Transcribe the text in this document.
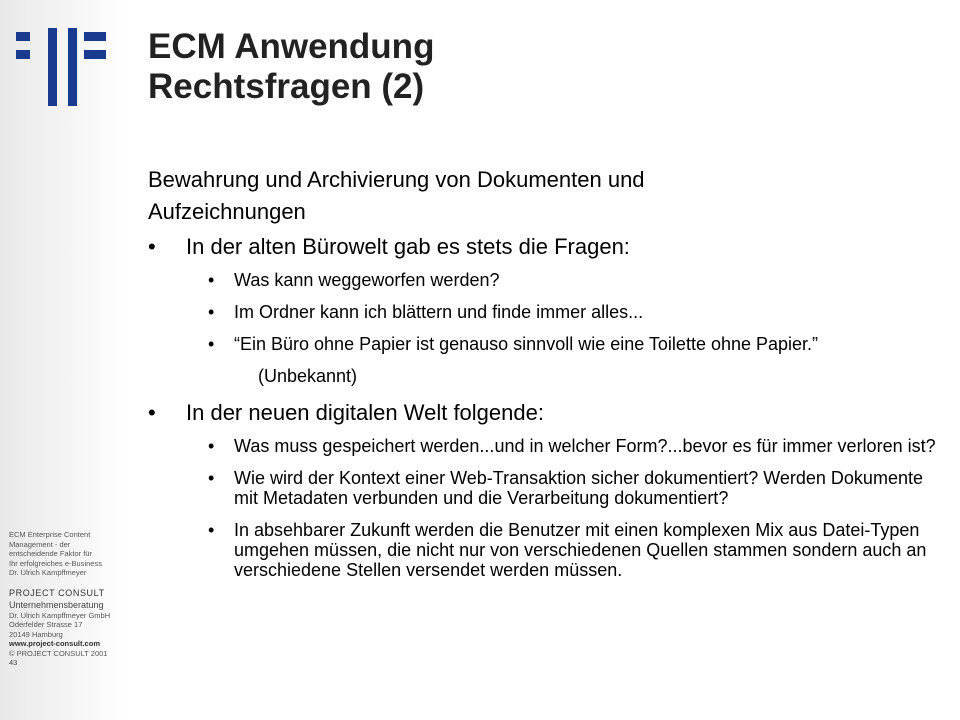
ECM Enterprise Content
Management - der
entscheidende Faktor für
Ihr erfolgreiches e-Business
Dr. Ulrich Kampffmeyer
PROJECT CONSULT
Unternehmensberatung
Dr. Ulrich Kampffmeyer GmbH
Oderfelder Strasse 17
20149 Hamburg
www.project-consult.com
© PROJECT CONSULT 2001
43
ECM Anwendung
Rechtsfragen (2)
Bewahrung und Archivierung von Dokumenten und
Aufzeichnungen
• In der alten Bürowelt gab es stets die Fragen:
• Was kann weggeworfen werden?
• Im Ordner kann ich blättern und finde immer alles...
• “Ein Büro ohne Papier ist genauso sinnvoll wie eine Toilette ohne Papier.”
(Unbekannt)
• In der neuen digitalen Welt folgende:
• Was muss gespeichert werden...und in welcher Form?...bevor es für immer verloren ist?
• Wie wird der Kontext einer Web-Transaktion sicher dokumentiert? Werden Dokumente mit Metadaten verbunden und die Verarbeitung dokumentiert?
• In absehbarer Zukunft werden die Benutzer mit einen komplexen Mix aus Datei-Typen umgehen müssen, die nicht nur von verschiedenen Quellen stammen sondern auch an verschiedene Stellen versendet werden müssen.
